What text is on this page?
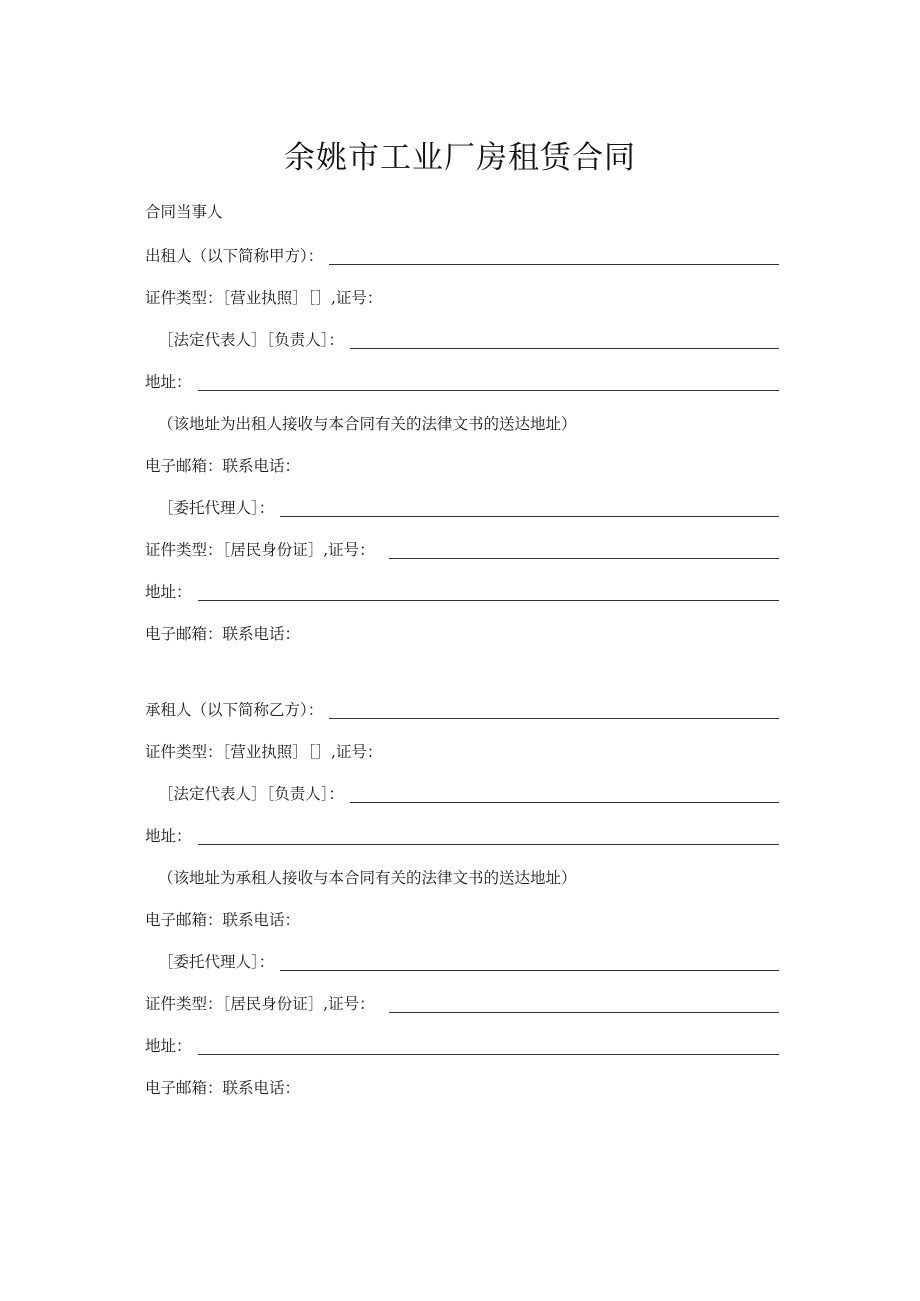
余姚市工业厂房租赁合同
合同当事人
出租人（以下简称甲方）：
证件类型：［营业执照］［］,证号：
［法定代表人］［负责人］：
地址：
（该地址为出租人接收与本合同有关的法律文书的送达地址）
电子邮箱：联系电话：
［委托代理人］：
证件类型：［居民身份证］,证号：
地址：
电子邮箱：联系电话：
承租人（以下简称乙方）：
证件类型：［营业执照］［］,证号：
［法定代表人］［负责人］：
地址：
（该地址为承租人接收与本合同有关的法律文书的送达地址）
电子邮箱：联系电话：
［委托代理人］：
证件类型：［居民身份证］,证号：
地址：
电子邮箱：联系电话：
